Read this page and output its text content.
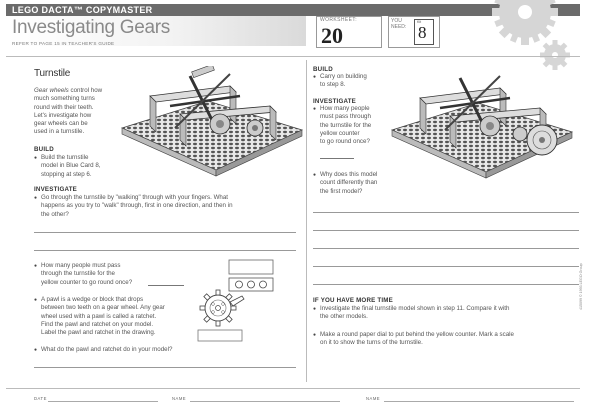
LEGO DACTA™ COPYMASTER
Investigating Gears
REFER TO PAGE 15 IN TEACHER'S GUIDE
WORKSHEET:
20
YOU NEED:
Kit
8
Turnstile
Gear wheels control how
much something turns
round with their teeth.
Let's investigate how
gear wheels can be
used in a turnstile.
BUILD
● Build the turnstile
model in Blue Card 8,
stopping at step 6.
INVESTIGATE
● Go through the turnstile by "walking" through with your fingers. What
happens as you try to "walk" through, first in one direction, and then in
the other?
● How many people must pass
through the turnstile for the
yellow counter to go round once?
● A pawl is a wedge or block that drops
between two teeth on a gear wheel. Any gear
wheel used with a pawl is called a ratchet.
Find the pawl and ratchet on your model.
Label the pawl and ratchet in the drawing.
● What do the pawl and ratchet do in your model?
BUILD
● Carry on building
to step 8.
INVESTIGATE
● How many people
must pass through
the turnstile for the
yellow counter
to go round once?
● Why does this model
count differently than
the first model?
IF YOU HAVE MORE TIME
● Investigate the final turnstile model shown in step 11. Compare it with
the other models.
● Make a round paper dial to put behind the yellow counter. Mark a scale
on it to show the turns of the turnstile.
415099 © 1993 LEGO Group
DATE	NAME	NAME
